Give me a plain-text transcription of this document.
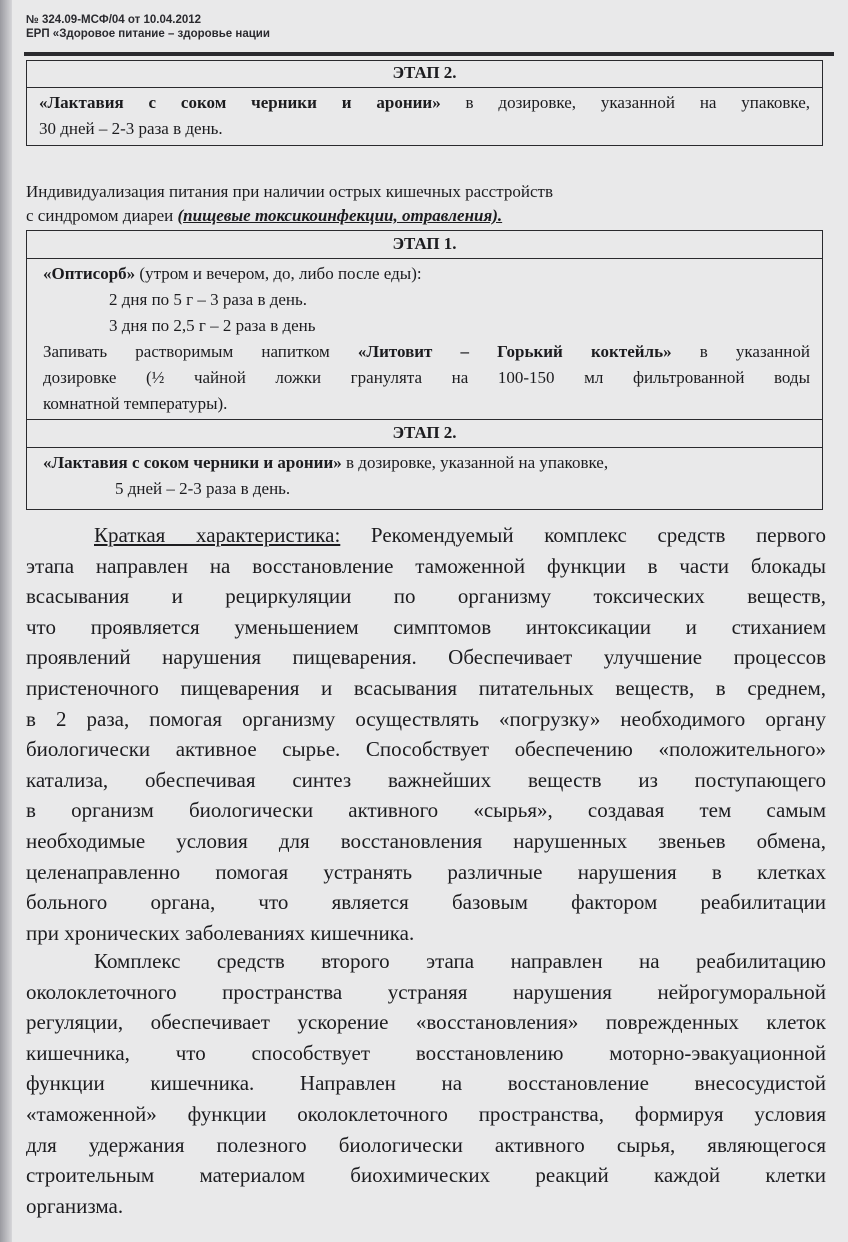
№ 324.09-МСФ/04 от 10.04.2012
ЕРП «Здоровое питание – здоровье нации
ЭТАП 2.
«Лактавия с соком черники и аронии» в дозировке, указанной на упаковке,
30 дней – 2-3 раза в день.
Индивидуализация питания при наличии острых кишечных расстройств
с синдромом диареи (пищевые токсикоинфекции, отравления).
ЭТАП 1.
«Оптисорб» (утром и вечером, до, либо после еды):
2 дня по 5 г – 3 раза в день.
3 дня по 2,5 г – 2 раза в день
Запивать растворимым напитком «Литовит – Горький коктейль» в указанной
дозировке (½ чайной ложки гранулята на 100-150 мл фильтрованной воды
комнатной температуры).
ЭТАП 2.
«Лактавия с соком черники и аронии» в дозировке, указанной на упаковке,
5 дней – 2-3 раза в день.
Краткая характеристика: Рекомендуемый комплекс средств первого
этапа направлен на восстановление таможенной функции в части блокады
всасывания и рециркуляции по организму токсических веществ,
что проявляется уменьшением симптомов интоксикации и стиханием
проявлений нарушения пищеварения. Обеспечивает улучшение процессов
пристеночного пищеварения и всасывания питательных веществ, в среднем,
в 2 раза, помогая организму осуществлять «погрузку» необходимого органу
биологически активное сырье. Способствует обеспечению «положительного»
катализа, обеспечивая синтез важнейших веществ из поступающего
в организм биологически активного «сырья», создавая тем самым
необходимые условия для восстановления нарушенных звеньев обмена,
целенаправленно помогая устранять различные нарушения в клетках
больного органа, что является базовым фактором реабилитации
при хронических заболеваниях кишечника.
Комплекс средств второго этапа направлен на реабилитацию
околоклеточного пространства устраняя нарушения нейрогуморальной
регуляции, обеспечивает ускорение «восстановления» поврежденных клеток
кишечника, что способствует восстановлению моторно-эвакуационной
функции кишечника. Направлен на восстановление внесосудистой
«таможенной» функции околоклеточного пространства, формируя условия
для удержания полезного биологически активного сырья, являющегося
строительным материалом биохимических реакций каждой клетки
организма.
